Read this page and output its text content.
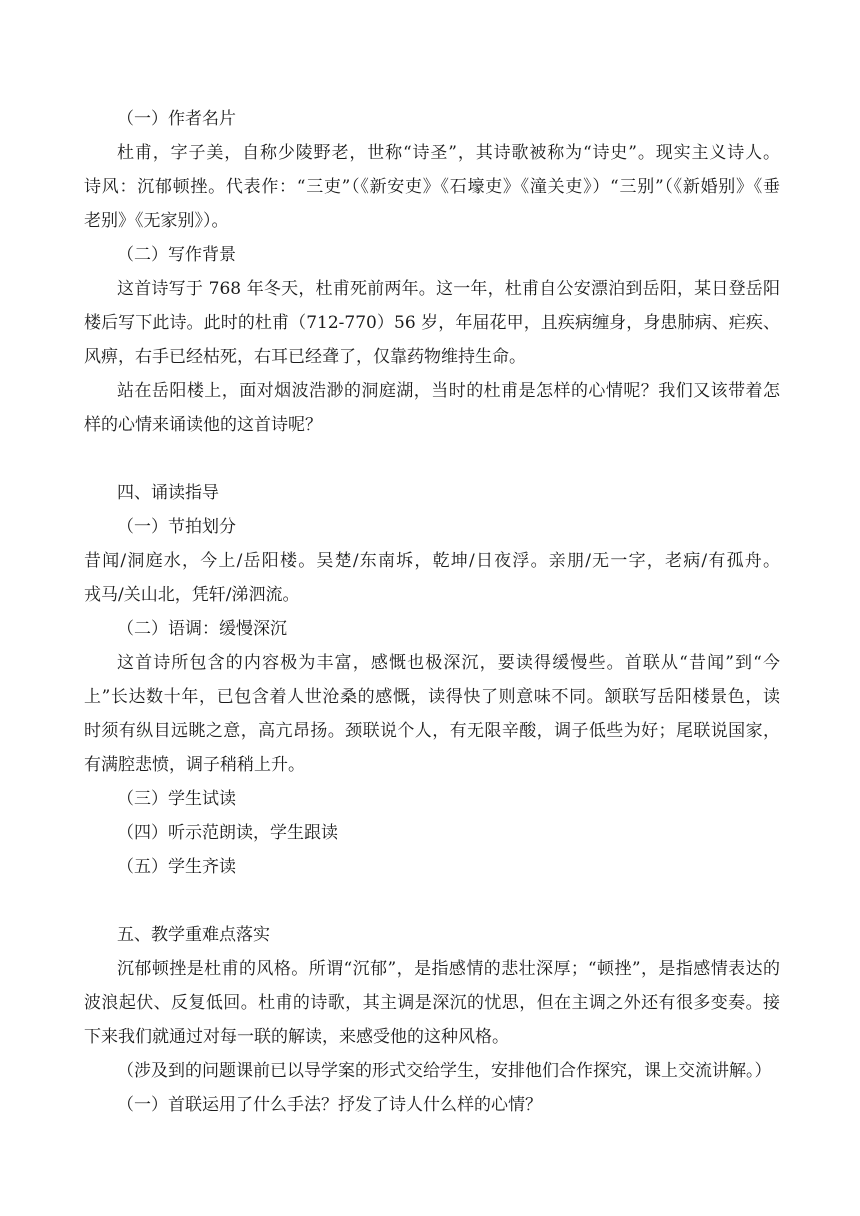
（一）作者名片
杜甫，字子美，自称少陵野老，世称“诗圣”，其诗歌被称为“诗史”。现实主义诗人。
诗风：沉郁顿挫。代表作：“三吏”（《新安吏》《石壕吏》《潼关吏》）“三别”（《新婚别》《垂
老别》《无家别》）。
（二）写作背景
这首诗写于 768 年冬天，杜甫死前两年。这一年，杜甫自公安漂泊到岳阳，某日登岳阳
楼后写下此诗。此时的杜甫（712-770）56 岁，年届花甲，且疾病缠身，身患肺病、疟疾、
风痹，右手已经枯死，右耳已经聋了，仅靠药物维持生命。
站在岳阳楼上，面对烟波浩渺的洞庭湖，当时的杜甫是怎样的心情呢？我们又该带着怎
样的心情来诵读他的这首诗呢？
四、诵读指导
（一）节拍划分
昔闻/洞庭水，今上/岳阳楼。吴楚/东南坼，乾坤/日夜浮。亲朋/无一字，老病/有孤舟。
戎马/关山北，凭轩/涕泗流。
（二）语调：缓慢深沉
这首诗所包含的内容极为丰富，感慨也极深沉，要读得缓慢些。首联从“昔闻”到“今
上”长达数十年，已包含着人世沧桑的感慨，读得快了则意味不同。颔联写岳阳楼景色，读
时须有纵目远眺之意，高亢昂扬。颈联说个人，有无限辛酸，调子低些为好；尾联说国家，
有满腔悲愤，调子稍稍上升。
（三）学生试读
（四）听示范朗读，学生跟读
（五）学生齐读
五、教学重难点落实
沉郁顿挫是杜甫的风格。所谓“沉郁”，是指感情的悲壮深厚；“顿挫”，是指感情表达的
波浪起伏、反复低回。杜甫的诗歌，其主调是深沉的忧思，但在主调之外还有很多变奏。接
下来我们就通过对每一联的解读，来感受他的这种风格。
（涉及到的问题课前已以导学案的形式交给学生，安排他们合作探究，课上交流讲解。）
（一）首联运用了什么手法？抒发了诗人什么样的心情？
